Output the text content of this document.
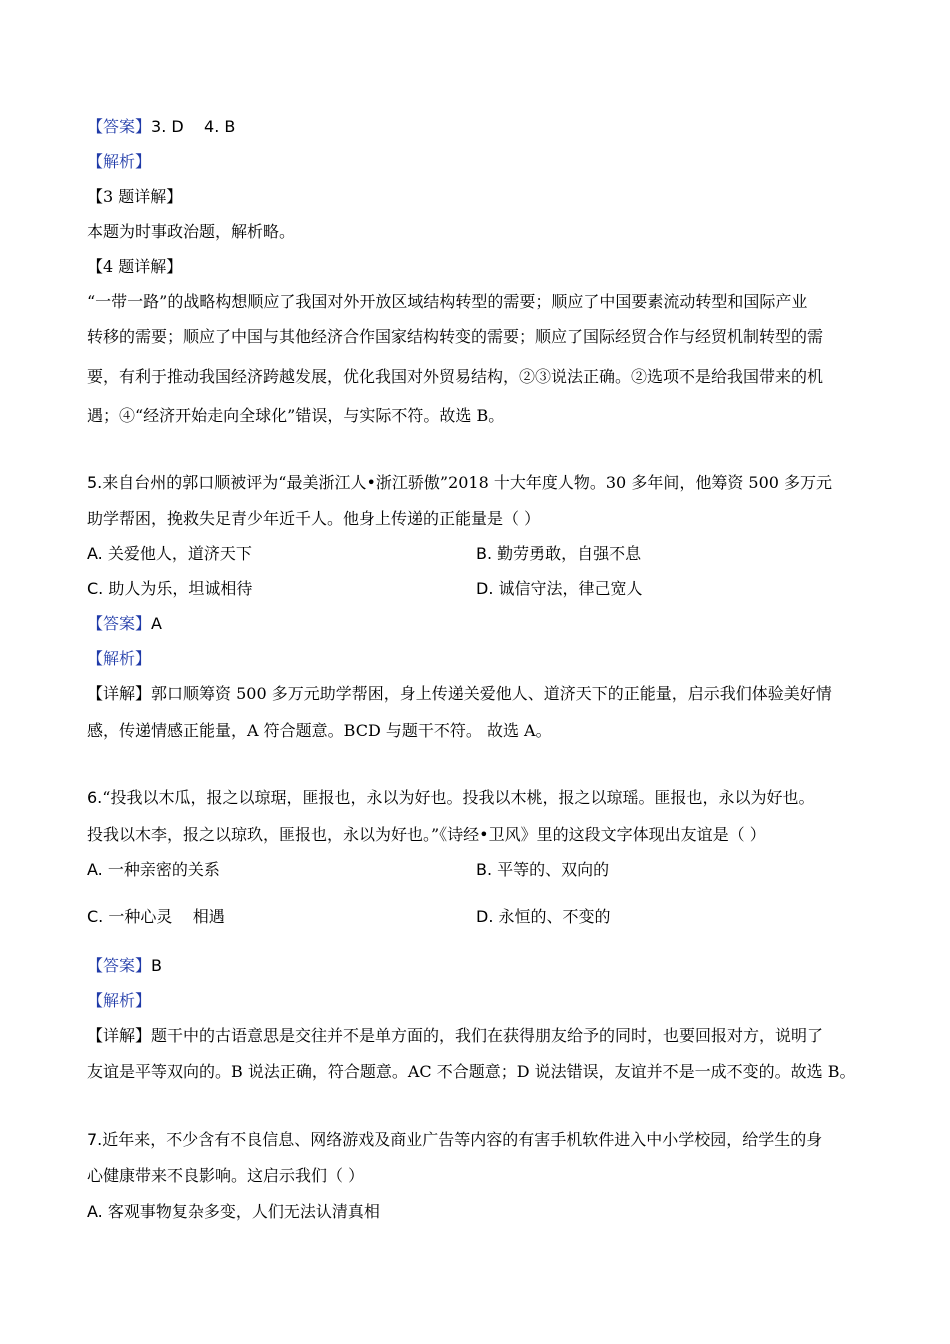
【答案】3. D    4. B
【解析】
【3 题详解】
本题为时事政治题，解析略。
【4 题详解】
“一带一路”的战略构想顺应了我国对外开放区域结构转型的需要；顺应了中国要素流动转型和国际产业
转移的需要；顺应了中国与其他经济合作国家结构转变的需要；顺应了国际经贸合作与经贸机制转型的需
要，有利于推动我国经济跨越发展，优化我国对外贸易结构，②③说法正确。②选项不是给我国带来的机
遇；④“经济开始走向全球化”错误，与实际不符。故选 B。
5.来自台州的郭口顺被评为“最美浙江人•浙江骄傲”2018 十大年度人物。30 多年间，他筹资 500 多万元
助学帮困，挽救失足青少年近千人。他身上传递的正能量是（ ）
A. 关爱他人，道济天下	B. 勤劳勇敢，自强不息
C. 助人为乐，坦诚相待	D. 诚信守法，律己宽人
【答案】A
【解析】
【详解】郭口顺筹资 500 多万元助学帮困，身上传递关爱他人、道济天下的正能量，启示我们体验美好情
感，传递情感正能量，A 符合题意。BCD 与题干不符。 故选 A。
6.“投我以木瓜，报之以琼琚，匪报也，永以为好也。投我以木桃，报之以琼瑶。匪报也，永以为好也。
投我以木李，报之以琼玖，匪报也，永以为好也。”《诗经•卫风》里的这段文字体现出友谊是（ ）
A. 一种亲密的关系	B. 平等的、双向的
C. 一种心灵    相遇	D. 永恒的、不变的
【答案】B
【解析】
【详解】题干中的古语意思是交往并不是单方面的，我们在获得朋友给予的同时，也要回报对方，说明了
友谊是平等双向的。B 说法正确，符合题意。AC 不合题意；D 说法错误，友谊并不是一成不变的。故选 B。
7.近年来，不少含有不良信息、网络游戏及商业广告等内容的有害手机软件进入中小学校园，给学生的身
心健康带来不良影响。这启示我们（ ）
A. 客观事物复杂多变，人们无法认清真相
